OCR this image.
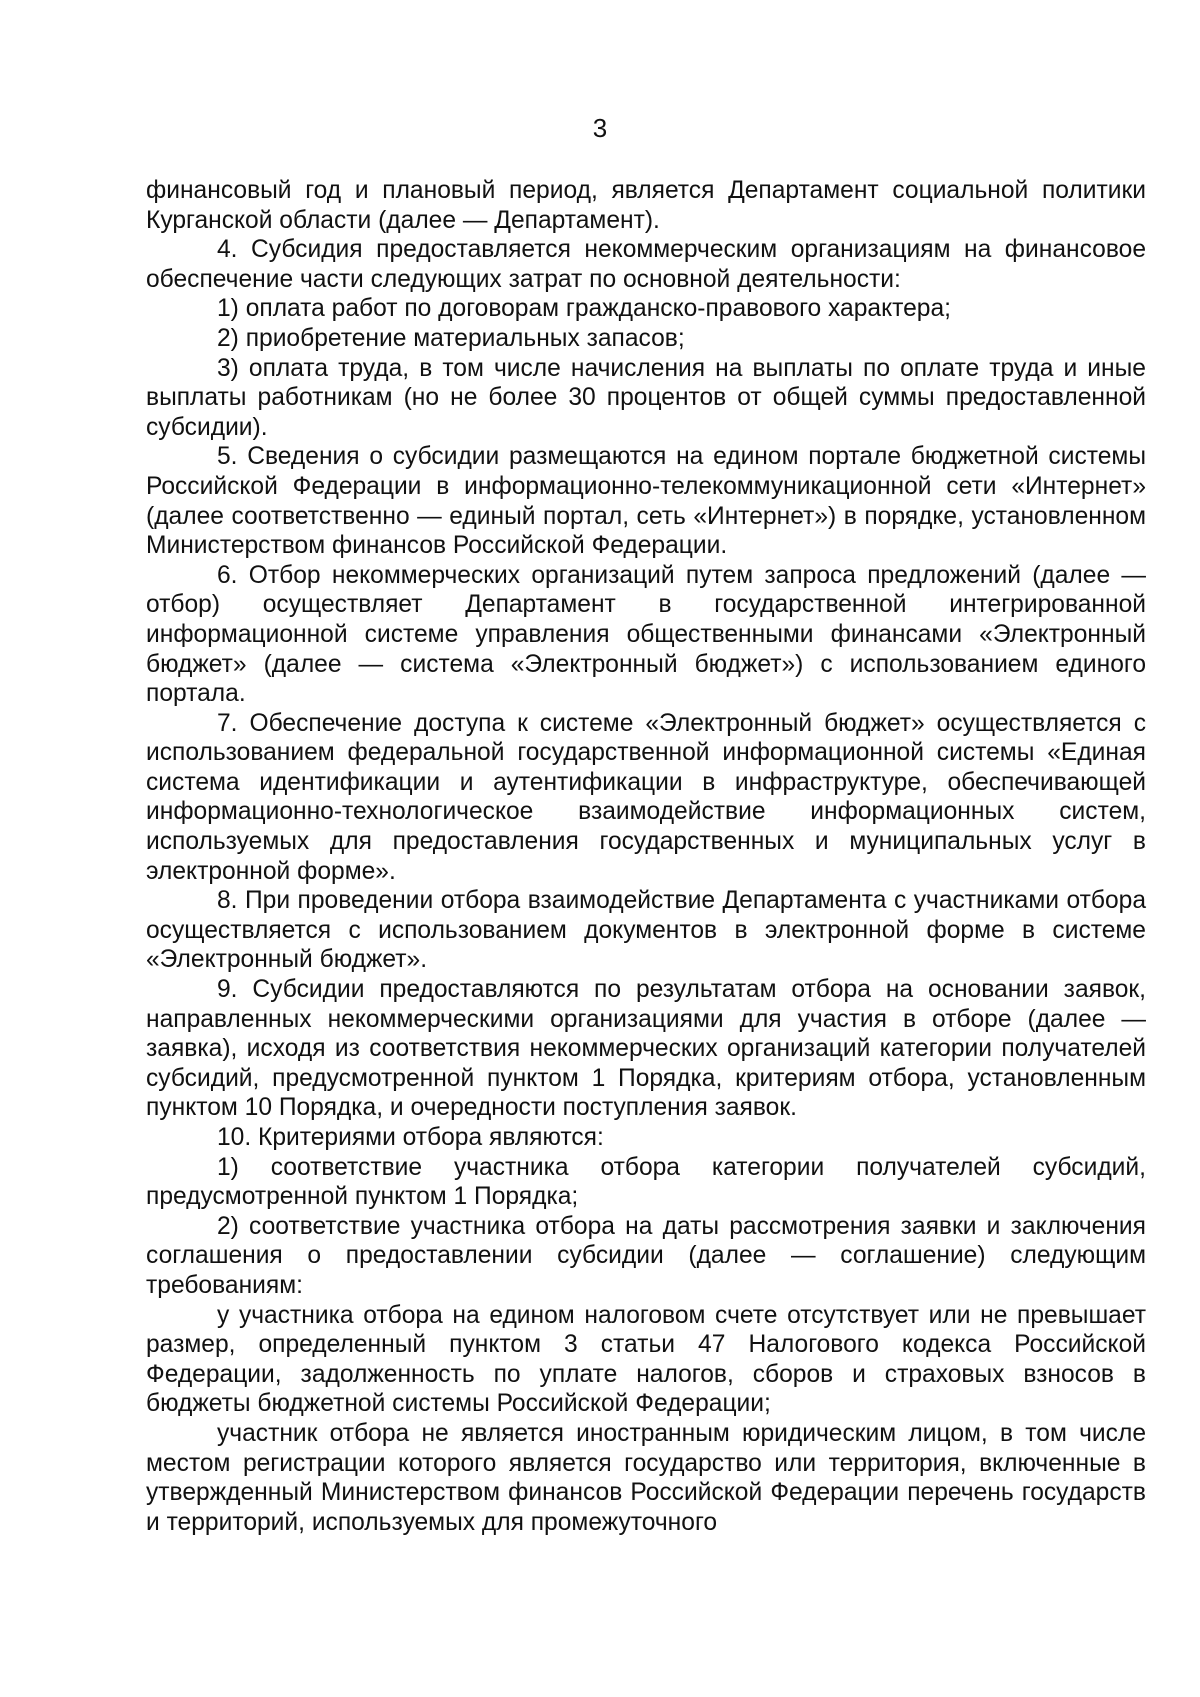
3

финансовый год и плановый период, является Департамент социальной политики Курганской области (далее — Департамент).

4. Субсидия предоставляется некоммерческим организациям на финансовое обеспечение части следующих затрат по основной деятельности:

1) оплата работ по договорам гражданско-правового характера;

2) приобретение материальных запасов;

3) оплата труда, в том числе начисления на выплаты по оплате труда и иные выплаты работникам (но не более 30 процентов от общей суммы предоставленной субсидии).

5. Сведения о субсидии размещаются на едином портале бюджетной системы Российской Федерации в информационно-телекоммуникационной сети «Интернет» (далее соответственно — единый портал, сеть «Интернет») в порядке, установленном Министерством финансов Российской Федерации.

6. Отбор некоммерческих организаций путем запроса предложений (далее — отбор) осуществляет Департамент в государственной интегрированной информационной системе управления общественными финансами «Электронный бюджет» (далее — система «Электронный бюджет») с использованием единого портала.

7. Обеспечение доступа к системе «Электронный бюджет» осуществляется с использованием федеральной государственной информационной системы «Единая система идентификации и аутентификации в инфраструктуре, обеспечивающей информационно-технологическое взаимодействие информационных систем, используемых для предоставления государственных и муниципальных услуг в электронной форме».

8. При проведении отбора взаимодействие Департамента с участниками отбора осуществляется с использованием документов в электронной форме в системе «Электронный бюджет».

9. Субсидии предоставляются по результатам отбора на основании заявок, направленных некоммерческими организациями для участия в отборе (далее — заявка), исходя из соответствия некоммерческих организаций категории получателей субсидий, предусмотренной пунктом 1 Порядка, критериям отбора, установленным пунктом 10 Порядка, и очередности поступления заявок.

10. Критериями отбора являются:

1) соответствие участника отбора категории получателей субсидий, предусмотренной пунктом 1 Порядка;

2) соответствие участника отбора на даты рассмотрения заявки и заключения соглашения о предоставлении субсидии (далее — соглашение) следующим требованиям:

у участника отбора на едином налоговом счете отсутствует или не превышает размер, определенный пунктом 3 статьи 47 Налогового кодекса Российской Федерации, задолженность по уплате налогов, сборов и страховых взносов в бюджеты бюджетной системы Российской Федерации;

участник отбора не является иностранным юридическим лицом, в том числе местом регистрации которого является государство или территория, включенные в утвержденный Министерством финансов Российской Федерации перечень государств и территорий, используемых для промежуточного
